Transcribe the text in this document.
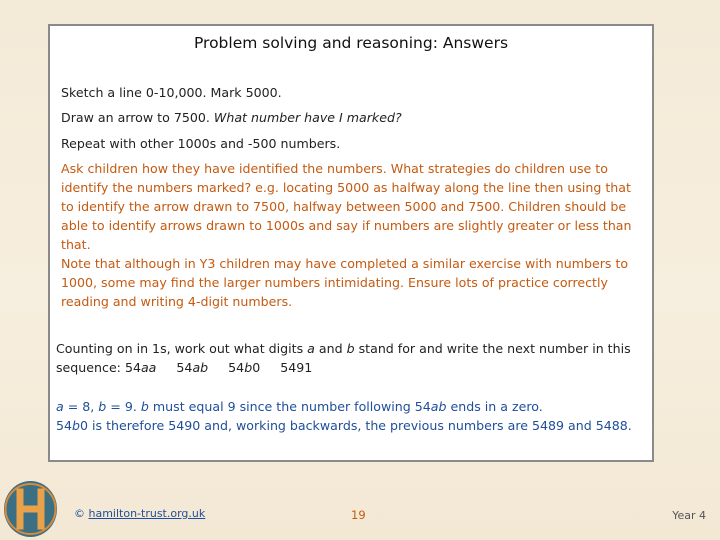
Problem solving and reasoning: Answers
Sketch a line 0-10,000. Mark 5000.
Draw an arrow to 7500. What number have I marked?
Repeat with other 1000s and -500 numbers.

Ask children how they have identified the numbers. What strategies do children use to identify the numbers marked? e.g. locating 5000 as halfway along the line then using that to identify the arrow drawn to 7500, halfway between 5000 and 7500. Children should be able to identify arrows drawn to 1000s and say if numbers are slightly greater or less than that.

Note that although in Y3 children may have completed a similar exercise with numbers to 1000, some may find the larger numbers intimidating. Ensure lots of practice correctly reading and writing 4-digit numbers.

Counting on in 1s, work out what digits a and b stand for and write the next number in this sequence: 54aa 54ab 54b0 5491

a = 8, b = 9. b must equal 9 since the number following 54ab ends in a zero.

54b0 is therefore 5490 and, working backwards, the previous numbers are 5489 and 5488.

© hamilton-trust.org.uk	19	Year 4
